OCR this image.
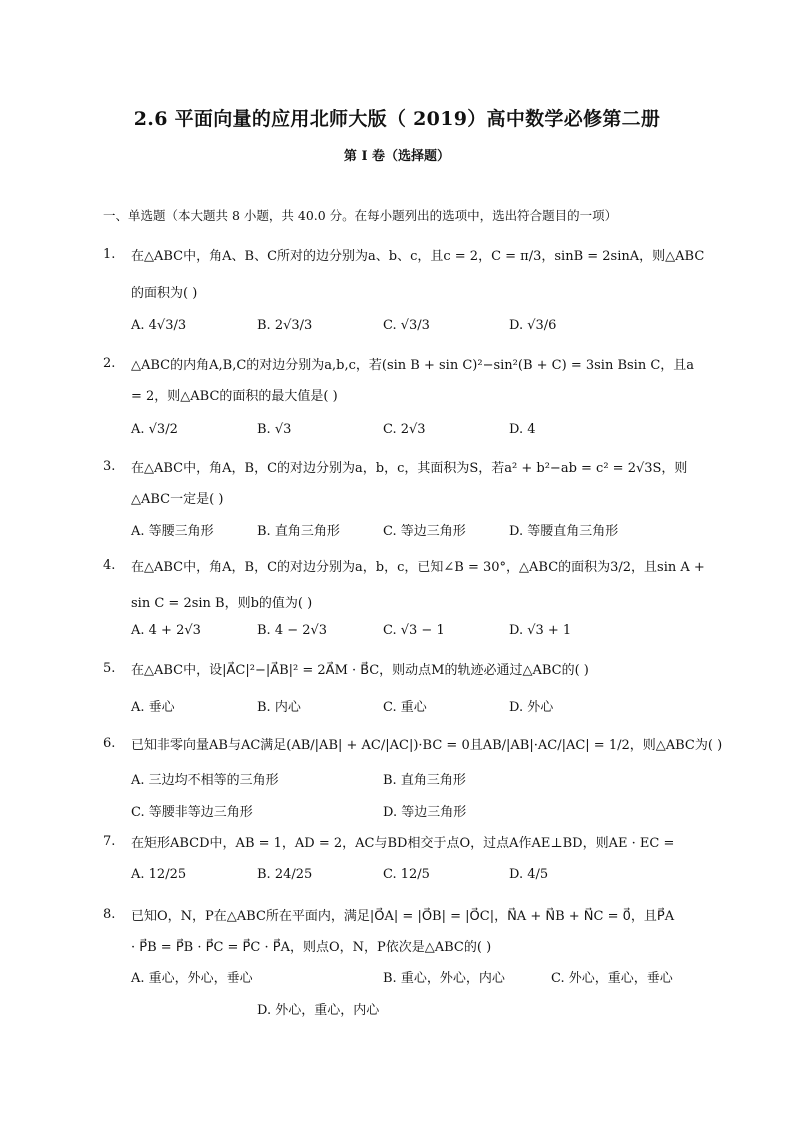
2.6 平面向量的应用北师大版（ 2019）高中数学必修第二册
第 I 卷（选择题）
一、单选题（本大题共 8 小题，共 40.0 分。在每小题列出的选项中，选出符合题目的一项）
1. 在△ABC中，角A、B、C所对的边分别为a、b、c，且c = 2，C = π/3，sinB = 2sinA，则△ABC
的面积为( )
A. 4√3/3	B. 2√3/3	C. √3/3	D. √3/6
2. △ABC的内角A,B,C的对边分别为a,b,c，若(sin B + sin C)²−sin²(B + C) = 3sin Bsin C，且a
= 2，则△ABC的面积的最大值是( )
A. √3/2	B. √3	C. 2√3	D. 4
3. 在△ABC中，角A，B，C的对边分别为a，b，c，其面积为S，若a² + b²−ab = c² = 2√3S，则
△ABC一定是( )
A. 等腰三角形	B. 直角三角形	C. 等边三角形	D. 等腰直角三角形
4. 在△ABC中，角A，B，C的对边分别为a，b，c，已知∠B = 30°，△ABC的面积为3/2，且sin A +
sin C = 2sin B，则b的值为( )
A. 4 + 2√3	B. 4 − 2√3	C. √3 − 1	D. √3 + 1
5. 在△ABC中，设|A⃗C|²−|A⃗B|² = 2A⃗M · B⃗C，则动点M的轨迹必通过△ABC的( )
A. 垂心	B. 内心	C. 重心	D. 外心
6. 已知非零向量AB与AC满足(AB/|AB| + AC/|AC|)·BC = 0且AB/|AB|·AC/|AC| = 1/2，则△ABC为( )
A. 三边均不相等的三角形	B. 直角三角形
C. 等腰非等边三角形	D. 等边三角形
7. 在矩形ABCD中，AB = 1，AD = 2，AC与BD相交于点O，过点A作AE⊥BD，则AE · EC =
A. 12/25	B. 24/25	C. 12/5	D. 4/5
8. 已知O，N，P在△ABC所在平面内，满足|O⃗A| = |O⃗B| = |O⃗C|，N⃗A + N⃗B + N⃗C = 0⃗，且P⃗A
· P⃗B = P⃗B · P⃗C = P⃗C · P⃗A，则点O，N，P依次是△ABC的( )
A. 重心，外心，垂心	B. 重心，外心，内心	C. 外心，重心，垂心
D. 外心，重心，内心
